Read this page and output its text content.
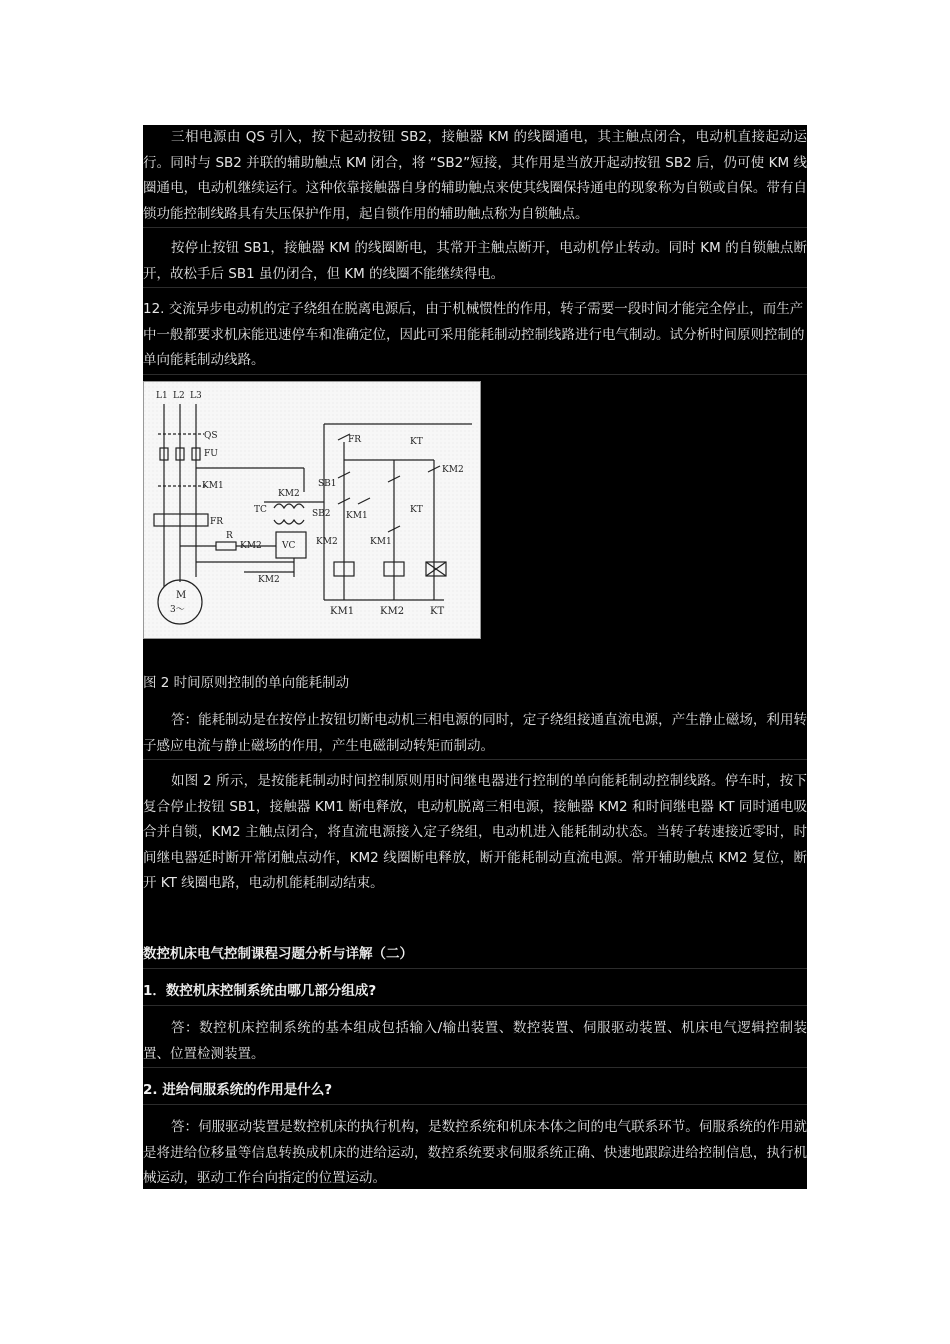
三相电源由 QS 引入，按下起动按钮 SB2，接触器 KM 的线圈通电，其主触点闭合，电动机直接起动运行。同时与 SB2 并联的辅助触点 KM 闭合，将 “SB2”短接，其作用是当放开起动按钮 SB2 后，仍可使 KM 线圈通电，电动机继续运行。这种依靠接触器自身的辅助触点来使其线圈保持通电的现象称为自锁或自保。带有自锁功能控制线路具有失压保护作用，起自锁作用的辅助触点称为自锁触点。

按停止按钮 SB1，接触器 KM 的线圈断电，其常开主触点断开，电动机停止转动。同时 KM 的自锁触点断开，故松手后 SB1 虽仍闭合，但 KM 的线圈不能继续得电。

12. 交流异步电动机的定子绕组在脱离电源后，由于机械惯性的作用，转子需要一段时间才能完全停止，而生产中一般都要求机床能迅速停车和准确定位，因此可采用能耗制动控制线路进行电气制动。试分析时间原则控制的单向能耗制动线路。

L1 L2 L3
QS
FU
KM1
FR
R
KM2
TC
VC
KM2
KM2
FR
SB1
SB2 KM1
KM2	KM1
KT
KM2
KT
KM1	KM2	KT
M
3～

图 2 时间原则控制的单向能耗制动

答：能耗制动是在按停止按钮切断电动机三相电源的同时，定子绕组接通直流电源，产生静止磁场，利用转子感应电流与静止磁场的作用，产生电磁制动转矩而制动。

如图 2 所示，是按能耗制动时间控制原则用时间继电器进行控制的单向能耗制动控制线路。停车时，按下复合停止按钮 SB1，接触器 KM1 断电释放，电动机脱离三相电源，接触器 KM2 和时间继电器 KT 同时通电吸合并自锁，KM2 主触点闭合，将直流电源接入定子绕组，电动机进入能耗制动状态。当转子转速接近零时，时间继电器延时断开常闭触点动作，KM2 线圈断电释放，断开能耗制动直流电源。常开辅助触点 KM2 复位，断开 KT 线圈电路，电动机能耗制动结束。

数控机床电气控制课程习题分析与详解（二）

1．数控机床控制系统由哪几部分组成?

答：数控机床控制系统的基本组成包括输入/输出装置、数控装置、伺服驱动装置、机床电气逻辑控制装置、位置检测装置。

2. 进给伺服系统的作用是什么?

答：伺服驱动装置是数控机床的执行机构，是数控系统和机床本体之间的电气联系环节。伺服系统的作用就是将进给位移量等信息转换成机床的进给运动，数控系统要求伺服系统正确、快速地跟踪进给控制信息，执行机械运动，驱动工作台向指定的位置运动。
